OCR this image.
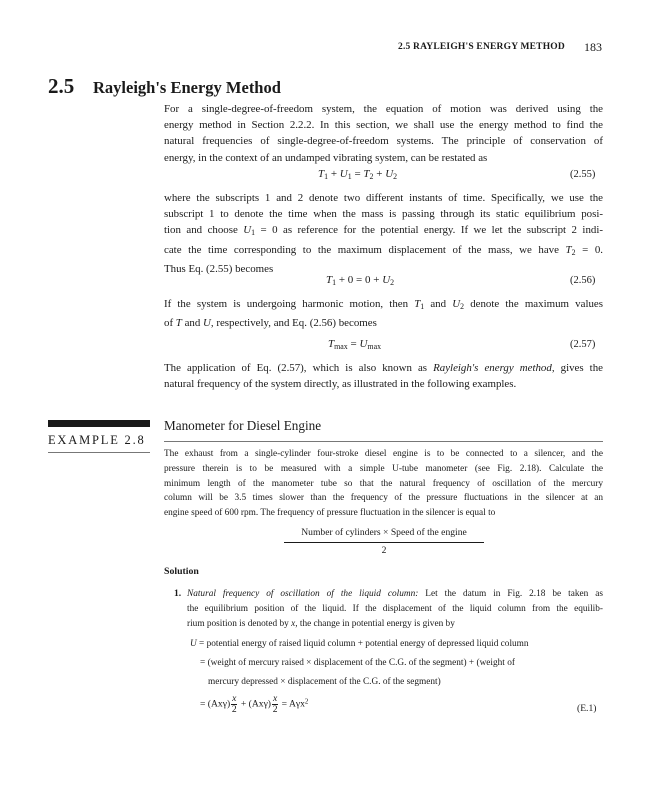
2.5 RAYLEIGH'S ENERGY METHOD 183
2.5 Rayleigh's Energy Method
For a single-degree-of-freedom system, the equation of motion was derived using the
energy method in Section 2.2.2. In this section, we shall use the energy method to find the
natural frequencies of single-degree-of-freedom systems. The principle of conservation of
energy, in the context of an undamped vibrating system, can be restated as
$T_1 + U_1 = T_2 + U_2$	(2.55)
where the subscripts 1 and 2 denote two different instants of time. Specifically, we use the
subscript 1 to denote the time when the mass is passing through its static equilibrium posi-
tion and choose $U_1 = 0$ as reference for the potential energy. If we let the subscript 2 indi-
cate the time corresponding to the maximum displacement of the mass, we have $T_2 = 0$.
Thus Eq. (2.55) becomes
$T_1 + 0 = 0 + U_2$	(2.56)
If the system is undergoing harmonic motion, then $T_1$ and $U_2$ denote the maximum values
of T and U, respectively, and Eq. (2.56) becomes
$T_{max} = U_{max}$	(2.57)
The application of Eq. (2.57), which is also known as Rayleigh's energy method, gives the
natural frequency of the system directly, as illustrated in the following examples.
EXAMPLE 2.8
Manometer for Diesel Engine
The exhaust from a single-cylinder four-stroke diesel engine is to be connected to a silencer, and the
pressure therein is to be measured with a simple U-tube manometer (see Fig. 2.18). Calculate the
minimum length of the manometer tube so that the natural frequency of oscillation of the mercury
column will be 3.5 times slower than the frequency of the pressure fluctuations in the silencer at an
engine speed of 600 rpm. The frequency of pressure fluctuation in the silencer is equal to
Number of cylinders × Speed of the engine
2
Solution
1. Natural frequency of oscillation of the liquid column: Let the datum in Fig. 2.18 be taken as
the equilibrium position of the liquid. If the displacement of the liquid column from the equilib-
rium position is denoted by x, the change in potential energy is given by
U = potential energy of raised liquid column + potential energy of depressed liquid column
= (weight of mercury raised × displacement of the C.G. of the segment) + (weight of
mercury depressed × displacement of the C.G. of the segment)
= $(Ax\gamma) \frac{x}{2} + (Ax\gamma) \frac{x}{2} = A\gamma x^2$
(E.1)
